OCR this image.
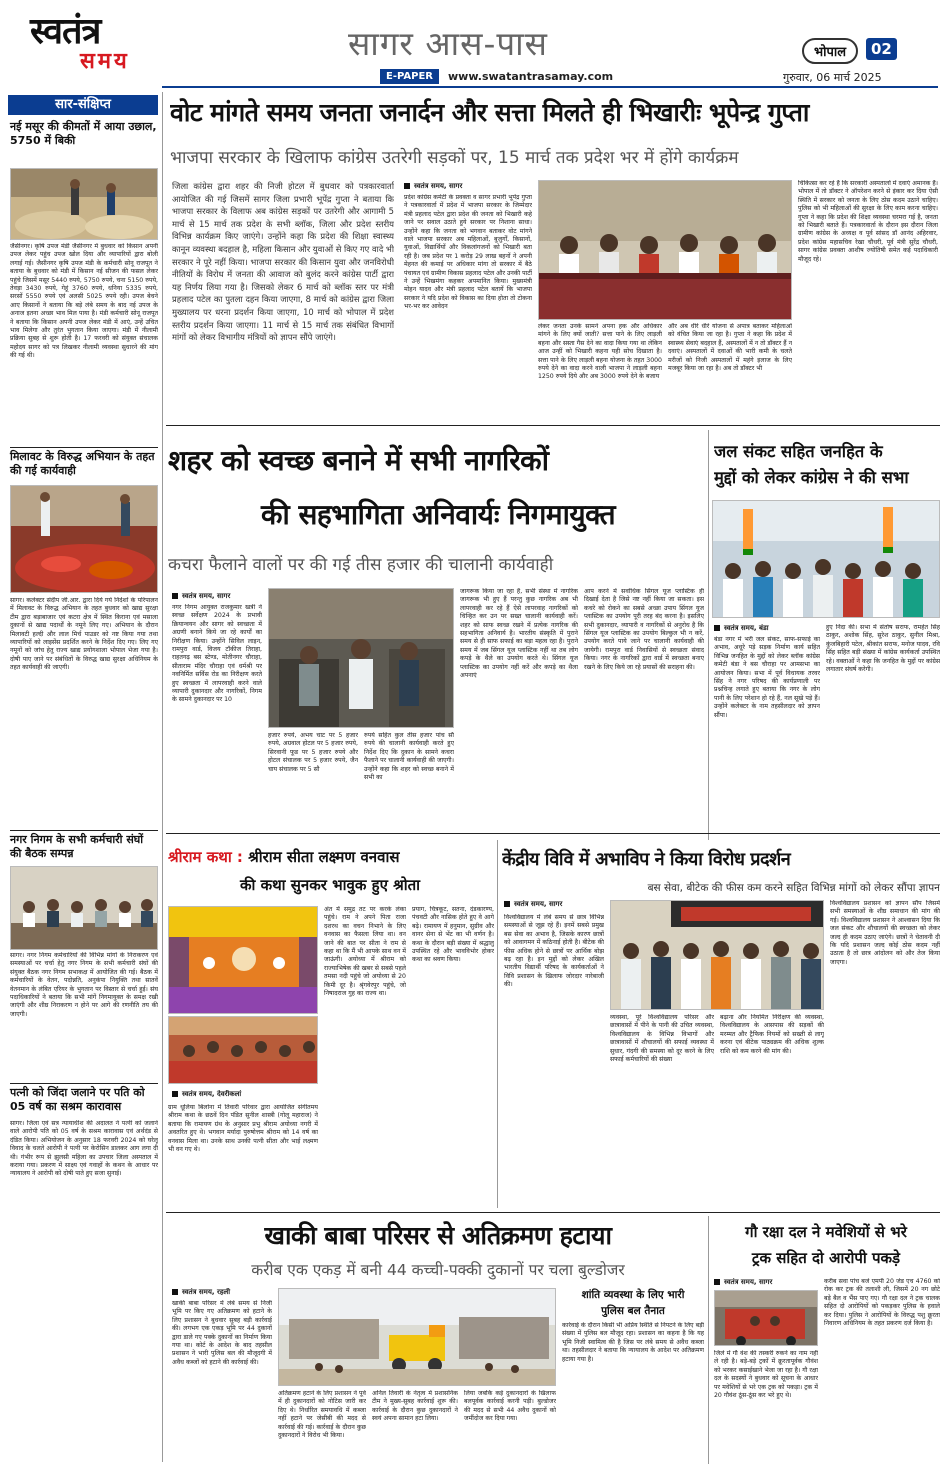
स्वतंत्र
समय	सागर आस-पास
E-PAPER	www.swatantrasamay.com
भोपाल	02
गुरुवार, 06 मार्च 2025
सार-संक्षिप्त
नई मसूर की कीमतों में आया उछाल, 5750 में बिकी
जैसीनगर। कृषि उपज मंडी जैसीनगर में बुधवार को किसान अपनी उपज लेकर पहुंच उपज खोल दिया और व्यापारियों द्वारा बोली लगाई गई। जैसीनगर कृषि उपज मंडी के कर्मचारी सोनू राजपूत ने बताया के बुधवार को मंडी में किसान नई सीजन की फसल लेकर पहुंचे जिसमें मसूर 5440 रुपये, 5750 रुपये, चना 5150 रुपये, तेवड़ा 3430 रुपये, गेहूं 3760 रुपये, धनिया 5335 रुपये, सरसों 5550 रुपये एवं अलसी 5025 रुपये रही। उपज बेचने आए किसानों ने बताया कि बड़े लंबे समय के बाद नई उपज के अनाज इतना अच्छा भाव मिल पाया है। मंडी कर्मचारी सोनू राजपूत ने बताया कि किसान अपनी उपज लेकर मंडी में आएं, उन्हें उचित भाव मिलेगा और तुरंत भुगतान किया जाएगा। मंडी में नीलामी प्रक्रिया सुबह से शुरू होती है। 17 फरवरी को संयुक्त संचालक महोदय सागर को पत्र लिखकर नीलामी व्यवस्था सुधारने की मांग की गई थी।
मिलावट के विरुद्ध अभियान के तहत की गई कार्यवाही
सागर। कलेक्टर संदीप जी.आर. द्वारा दिये गये निर्देशों के परिपालन में मिलावट के विरुद्ध अभियान के तहत बुधवार को खाद्य सुरक्षा टीम द्वारा बड़ाबाजार एवं कटरा क्षेत्र में स्थित किराना एवं मसाला दुकानों से खाद्य पदार्थों के नमूने लिए गए। अभियान के दौरान मिलावटी हल्दी और लाल मिर्च पाउडर को नष्ट किया गया तथा व्यापारियों को लाइसेंस प्रदर्शित करने के निर्देश दिए गए। लिए गए नमूनों को जांच हेतु राज्य खाद्य प्रयोगशाला भोपाल भेजा गया है। दोषी पाए जाने पर संबंधितों के विरुद्ध खाद्य सुरक्षा अधिनियम के तहत कार्यवाही की जाएगी।
नगर निगम के सभी कर्मचारी संघों की बैठक सम्पन्न
सागर। नगर निगम कर्मचारियों की विभिन्न मांगों के निराकरण एवं समस्याओं पर चर्चा हेतु नगर निगम के सभी कर्मचारी संघों की संयुक्त बैठक नगर निगम सभाकक्ष में आयोजित की गई। बैठक में कर्मचारियों के वेतन, पदोन्नति, अनुकंपा नियुक्ति तथा सातवें वेतनमान के लंबित एरियर के भुगतान पर विस्तार से चर्चा हुई। संघ पदाधिकारियों ने बताया कि सभी मांगें निगमायुक्त के समक्ष रखी जाएंगी और शीघ्र निराकरण न होने पर आगे की रणनीति तय की जाएगी।
पत्नी को जिंदा जलाने पर पति को 05 वर्ष का सश्रम कारावास
सागर। जिला एवं सत्र न्यायाधीश की अदालत ने पत्नी को जलाने वाले आरोपी पति को 05 वर्ष के सश्रम कारावास एवं अर्थदंड से दंडित किया। अभियोजन के अनुसार 18 फरवरी 2024 को घरेलू विवाद के चलते आरोपी ने पत्नी पर केरोसिन डालकर आग लगा दी थी। गंभीर रूप से झुलसी महिला का उपचार जिला अस्पताल में कराया गया। प्रकरण में साक्ष्य एवं गवाहों के कथन के आधार पर न्यायालय ने आरोपी को दोषी पाते हुए सजा सुनाई।
वोट मांगते समय जनता जनार्दन और सत्ता मिलते ही भिखारीः भूपेन्द्र गुप्ता
भाजपा सरकार के खिलाफ कांग्रेस उतरेगी सड़कों पर, 15 मार्च तक प्रदेश भर में होंगे कार्यक्रम
जिला कांग्रेस द्वारा शहर की निजी होटल में बुधवार को पत्रकारवार्ता आयोजित की गई जिसमें सागर जिला प्रभारी भूपेंद्र गुप्ता ने बताया कि भाजपा सरकार के विलाफ अब कांग्रेस सड़कों पर उतरेगी और आगामी 5 मार्च से 15 मार्च तक प्रदेश के सभी ब्लॉक, जिला और प्रदेश स्तरीय विभिन्न कार्यक्रम किए जाएंगे। उन्होंने कहा कि प्रदेश की शिक्षा स्वास्थ्य कानून व्यवस्था बदहाल है, महिला किसान और युवाओं से किए गए वादे भी सरकार ने पूरे नहीं किया। भाजपा सरकार की किसान युवा और जनविरोधी नीतियों के विरोध में जनता की आवाज को बुलंद करने कांग्रेस पार्टी द्वारा यह निर्णय लिया गया है। जिसको लेकर 6 मार्च को ब्लॉक स्तर पर मंत्री प्रहलाद पटेल का पुतला दहन किया जाएगा, 8 मार्च को कांग्रेस द्वारा जिला मुख्यालय पर धरना प्रदर्शन किया जाएगा, 10 मार्च को भोपाल में प्रदेश स्तरीय प्रदर्शन किया जाएगा। 11 मार्च से 15 मार्च तक संबंधित विभागों मांगों को लेकर विभागीय मंत्रियों को ज्ञापन सौंपे जाएंगे।
स्वतंत्र समय, सागर
प्रदेश कांग्रेस कमेटी के प्रवक्ता व सागर प्रभारी भूपेंद्र गुप्ता ने पत्रकारवार्ता में प्रदेश में भाजपा सरकार के जिम्मेदार मंत्री प्रहलाद पटेल द्वारा प्रदेश की जनता को भिखारी कहे जाने पर सवाल उठाते हुये सरकार पर निशाना साधा। उन्होंने कहा कि जनता को भगवान बताकर वोट मांगने वाले भाजपा सरकार अब महिलाओं, बुजुर्गों, किसानों, युवाओं, विद्यार्थियों और विकलांगजनों को भिखारी बता रही है। जब प्रदेश पर 1 करोड़ 29 लाख बहनों ने अपनी मेहनत की कमाई पर अधिकार मांगा तो सरकार में बैठे पंचायत एवं ग्रामीण विकास प्रहलाद पटेल और उनकी पार्टी ने उन्हें भिखमंगा कहकर अपमानित किया। मुख्यमंत्री मोहन यादव और मंत्री प्रहलाद पटेल बतायें कि भाजपा सरकार ने यदि प्रदेश को विकास का दिया होता तो टोकना भर-भर कर आवेदन
लेकर जनता उनके सामने अपना हक और अधिकार मांगने के लिए क्यों जाती? सत्ता पाने के लिए लाड़ली बहना और सस्ता गैस देने का वादा किया गया था लेकिन आज उन्हीं को भिखारी कहना यही सोच दिखाता है। सत्ता पाने के लिए लाड़ली बहना योजना के तहत 3000 रुपये देने का वादा करने वाली भाजपा ने लाड़ली बहना 1250 रुपये दिये और अब 3000 रुपये देने के बजाय
और अब धीरे धीरे योजना से अपात्र बताकर महिलाओं को वंचित किया जा रहा है। गुप्ता ने कहा कि प्रदेश में स्वास्थ्य सेवाएं बदहाल हैं, अस्पतालों में न तो डॉक्टर हैं न दवाएं। अस्पतालों में दवाओं की भारी कमी के चलते मरीजों को निजी अस्पतालों में महंगे इलाज के लिए मजबूर किया जा रहा है। अब तो डॉक्टर भी
चिकित्सा कर रहे हैं कि सरकारी अस्पतालों में दवाएं अमानक हैं। भोपाल में तो डॉक्टर ने ऑपरेशन करने से इंकार कर दिया ऐसी स्थिति में सरकार को जनता के लिए ठोस कदम उठाने चाहिए। पुलिस को भी महिलाओं की सुरक्षा के लिए काम करना चाहिए। गुप्ता ने कहा कि प्रदेश की शिक्षा व्यवस्था चरमरा गई है, जनता को भिखारी बताते हैं। पत्रकारवार्ता के दौरान इस दौरान जिला ग्रामीण कांग्रेस के अध्यक्ष व पूर्व सांसद डॉ आनंद अहिरवार, प्रदेश कांग्रेस महासचिव रेखा चौधरी, पूर्व मंत्री सुरेंद्र चौधरी, सागर कांग्रेस प्रवक्ता आशीष ज्योतिषी समेत कई पदाधिकारी मौजूद रहे।
शहर को स्वच्छ बनाने में सभी नागरिकों
की सहभागिता अनिवार्यः निगमायुक्त
कचरा फैलाने वालों पर की गई तीस हजार की चालानी कार्यवाही
स्वतंत्र समय, सागर
नगर निगम आयुक्त राजकुमार खत्री ने स्वच्छ सर्वेक्षण 2024 के प्रभावी क्रियान्वयन और सागर को स्वच्छता में अग्रणी बनाने किये जा रहे कार्यों का निरीक्षण किया। उन्होंने सिविल लाइन, रामपुरा वार्ड, विजय टॉकीज तिराहा, राहतगढ़ बस स्टेण्ड, मोतीनगर चौराहा, सीताराम मंदिर चौराहा एवं धर्मश्री पर नवनिर्मित सर्विस रोड का निरीक्षण करते हुए स्वच्छता में लापरवाही करने वाले व्यापारी दुकानदार और नागरिकों, निगम के सामने दुकानदार पर 10
हजार रुपये, अभय चाट पर 5 हजार रुपये, अग्रवाल होटल पर 5 हजार रुपये, सिरवानी फूड पर 5 हजार रुपये और होटल संचालक पर 5 हजार रुपये, जैन चाय संचालक पर 5 सौ
रुपये सहित कुल तीस हजार पांच सौ रुपये की चालानी कार्यवाही करते हुए निर्देश दिए कि दुकान के सामने कचरा फैलाने पर चालानी कार्यवाही की जाएगी। उन्होंने कहा कि शहर को स्वच्छ बनाने में सभी का
जागरूक किया जा रहा है, सभी संस्था में नागरिक जागरूक भी हुए हैं परन्तु कुछ नागरिक अब भी लापरवाही कर रहे हैं ऐसे लापरवाह नागरिकों को चिन्हित कर उन पर सख्त चालानी कार्यवाही करें। शहर को साफ स्वच्छ रखने में प्रत्येक नागरिक की सहभागिता अनिवार्य है। भारतीय संस्कृति में पुराने समय से ही साफ सफाई का बड़ा महत्व रहा है। पुराने समय में जब सिंगल यूज प्लास्टिक नहीं था तब लोग कपड़े के थैले का उपयोग करते थे। सिंगल यूज प्लास्टिक का उपयोग नहीं करें और कपड़े का थैला अपनाएं
आप करने में सर्वाधिक सिंगल यूज प्लास्टिक ही दिखाई देता है जिसे नष्ट नहीं किया जा सकता। इस कचरे को रोकने का सबसे अच्छा उपाय सिंगल यूज प्लास्टिक का उपयोग पूरी तरह बंद करना है। इसलिए सभी दुकानदार, व्यापारी व नागरिकों से अनुरोध है कि सिंगल यूज प्लास्टिक का उपयोग बिल्कुल भी न करें, उपयोग करते पाये जाने पर चालानी कार्यवाही की जायेगी। रामपुरा वार्ड निवासियों से स्वच्छता संवाद किया। नगर के नागरिकों द्वारा वार्ड में स्वच्छता बनाए रखने के लिए किये जा रहे प्रयासों की सराहना की।
जल संकट सहित जनहित के
मुद्दों को लेकर कांग्रेस ने की सभा
स्वतंत्र समय, बंडा
बंडा नगर में भरी जल संकट, साफ-सफाई का अभाव, अधूरे पड़े सड़क निर्माण कार्य सहित विभिन्न जनहित के मुद्दों को लेकर ब्लॉक कांग्रेस कमेटी बंडा ने बस चौराहा पर आमसभा का आयोजन किया। सभा में पूर्व विधायक तरवर सिंह ने नगर परिषद की कार्यप्रणाली पर प्रश्नचिन्ह लगाते हुए बताया कि नगर के लोग पानी के लिए परेशान हो रहे हैं, नल सूखे पड़े हैं। उन्होंने कलेक्टर के नाम तहसीलदार को ज्ञापन सौंपा।
हुए निंदा की। सभा में संतोष सराफ, रामहेत सिंह ठाकुर, अशोक सिंह, सुरेश ठाकुर, सुनील मिश्रा, कुंजबिहारी पटेल, श्रीकांत सराफ, मनोज यादव, रवि सिंह सहित बड़ी संख्या में कांग्रेस कार्यकर्ता उपस्थित रहे। वक्ताओं ने कहा कि जनहित के मुद्दों पर कांग्रेस लगातार संघर्ष करेगी।
श्रीराम कथा : श्रीराम सीता लक्ष्मण वनवास
की कथा सुनकर भावुक हुए श्रोता
स्वतंत्र समय, देवरीकलां
ग्राम धूलिया बिलोना में तिवारी परिवार द्वारा आयोजित संगीतमय श्रीराम कथा के छठवें दिन पंडित सुनील शास्त्री (गोलू महाराज) ने बताया कि रामायण ग्रंथ के अनुसार प्रभु श्रीराम अयोध्या नगरी में अवतरित हुए थे। भगवान मर्यादा पुरुषोत्तम श्रीराम को 14 वर्ष का वनवास मिला था। उनके साथ उनकी पत्नी सीता और भाई लक्ष्मण भी वन गए थे।
अंत में समुद्र तट पर करके लंका पहुंचे। राम ने अपने पिता राजा दशरथ का वचन निभाने के लिए वनवास का फैसला लिया था। वन जाने की बात पर सीता ने राम से कहा था कि मैं भी आपके साथ वन में जाऊंगी। अयोध्या में श्रीराम को राज्याभिषेक की खबर से सबसे पहले तमसा नदी पहुंचे जो अयोध्या से 20 किमी दूर है। श्रृंगवेरपुर पहुंचे, जो निषादराज गुह का राज्य था।
प्रयाग, चित्रकूट, सतना, दंडकारण्य, पंचवटी और नासिक होते हुए वे आगे बढ़े। रामायण में हनुमान, सुग्रीव और वानर सेना से भेंट का भी वर्णन है। कथा के दौरान बड़ी संख्या में श्रद्धालु उपस्थित रहे और भावविभोर होकर कथा का श्रवण किया।
केंद्रीय विवि में अभाविप ने किया विरोध प्रदर्शन
बस सेवा, बीटेक की फीस कम करने सहित विभिन्न मांगों को लेकर सौंपा ज्ञापन
स्वतंत्र समय, सागर
विश्वविद्यालय में लंबे समय से छात्र विभिन्न समस्याओं से जूझ रहे हैं। इनमें सबसे प्रमुख बस सेवा का अभाव है, जिसके कारण छात्रों को आवागमन में कठिनाई होती है। बीटेक की फीस अधिक होने से छात्रों पर आर्थिक बोझ बढ़ रहा है। इन मुद्दों को लेकर अखिल भारतीय विद्यार्थी परिषद के कार्यकर्ताओं ने विवि प्रशासन के खिलाफ जोरदार नारेबाजी की।
व्यवस्था, पूरे विश्वविद्यालय परिसर और छात्रावासों में पीने के पानी की उचित व्यवस्था, विश्वविद्यालय के विभिन्न विभागों और छात्रावासों में शौचालयों की सफाई व्यवस्था में सुधार, गंदगी की समस्या को दूर करने के लिए सफाई कर्मचारियों की संख्या
बढ़ाना और नियमित निरीक्षण की व्यवस्था, विश्वविद्यालय के आसपास की सड़कों की मरम्मत और ट्रैफिक नियमों को सख्ती से लागू करना एवं बीटेक पाठ्यक्रम की अधिक शुल्क राशि को कम करने की मांग की।
विश्वविद्यालय प्रशासन को ज्ञापन सौंप जिसमें सभी समस्याओं के शीघ्र समाधान की मांग की गई। विश्वविद्यालय प्रशासन ने आश्वासन दिया कि जल संकट और शौचालयों की स्वच्छता को लेकर जल्द ही कदम उठाए जाएंगे। छात्रों ने चेतावनी दी कि यदि प्रशासन जल्द कोई ठोस कदम नहीं उठाता है तो छात्र आंदोलन को और तेज किया जाएगा।
खाकी बाबा परिसर से अतिक्रमण हटाया
करीब एक एकड़ में बनी 44 कच्ची-पक्की दुकानों पर चला बुल्डोजर
स्वतंत्र समय, रहली
खाकी बाबा परिसर में लंबे समय से निजी भूमि पर किए गए अतिक्रमण को हटाने के लिए प्रशासन ने बुधवार सुबह बड़ी कार्रवाई की। लगभग एक एकड़ भूमि पर 44 दुकानों द्वारा डाले गए पक्के दुकानों का निर्माण किया गया था। कोर्ट के आदेश के बाद तहसील प्रशासन ने भारी पुलिस बल की मौजूदगी में अवैध कब्जों को हटाने की कार्रवाई की।
अतिक्रमण हटाने के लिए प्रशासन ने पूर्व में ही दुकानदारों को नोटिस जारी कर दिए थे। निर्धारित समयावधि में कब्जा नहीं हटाने पर जेसीबी की मदद से कार्रवाई की गई। कार्रवाई के दौरान कुछ दुकानदारों ने विरोध भी किया।
अनिल तिवारी के नेतृत्व में प्रशासनिक टीम ने मुख्य-सुबह कार्रवाई शुरू की। कार्रवाई के दौरान कुछ दुकानदारों ने स्वयं अपना सामान हटा लिया।
लिया जबकि कई दुकानदारों के खिलाफ बलपूर्वक कार्रवाई करनी पड़ी। बुल्डोजर की मदद से सभी 44 अवैध दुकानों को जमींदोज कर दिया गया।
शांति व्यवस्था के लिए भारी
पुलिस बल तैनात
कार्रवाई के दौरान किसी भी अप्रिय स्थिति से निपटने के लिए बड़ी संख्या में पुलिस बल मौजूद रहा। प्रशासन का कहना है कि यह भूमि निजी स्वामित्व की है जिस पर लंबे समय से अवैध कब्जा था। तहसीलदार ने बताया कि न्यायालय के आदेश पर अतिक्रमण हटाया गया है।
गौ रक्षा दल ने मवेशियों से भरे
ट्रक सहित दो आरोपी पकड़े
स्वतंत्र समय, सागर
जिले में गौ वंश की तस्करी रुकने का नाम नहीं ले रही है। बड़े-बड़े ट्रकों में क्रूरतापूर्वक गौवंश को भरकर कसाईखाने भेजा जा रहा है। गौ रक्षा दल के सदस्यों ने बुधवार को सूचना के आधार पर मवेशियों से भरे एक ट्रक को पकड़ा। ट्रक में 20 गौवंश ठूंस-ठूंस कर भरे हुए थे।
करीब सवा पांच बजे एमपी 20 जेड एच 4760 को रोक कर ट्रक की तलाशी ली, जिसमें 20 नग छोटे बड़े बैल व भैंस पाए गए। गौ रक्षा दल ने ट्रक चालक सहित दो आरोपियों को पकड़कर पुलिस के हवाले कर दिया। पुलिस ने आरोपियों के विरुद्ध पशु क्रूरता निवारण अधिनियम के तहत प्रकरण दर्ज किया है।
